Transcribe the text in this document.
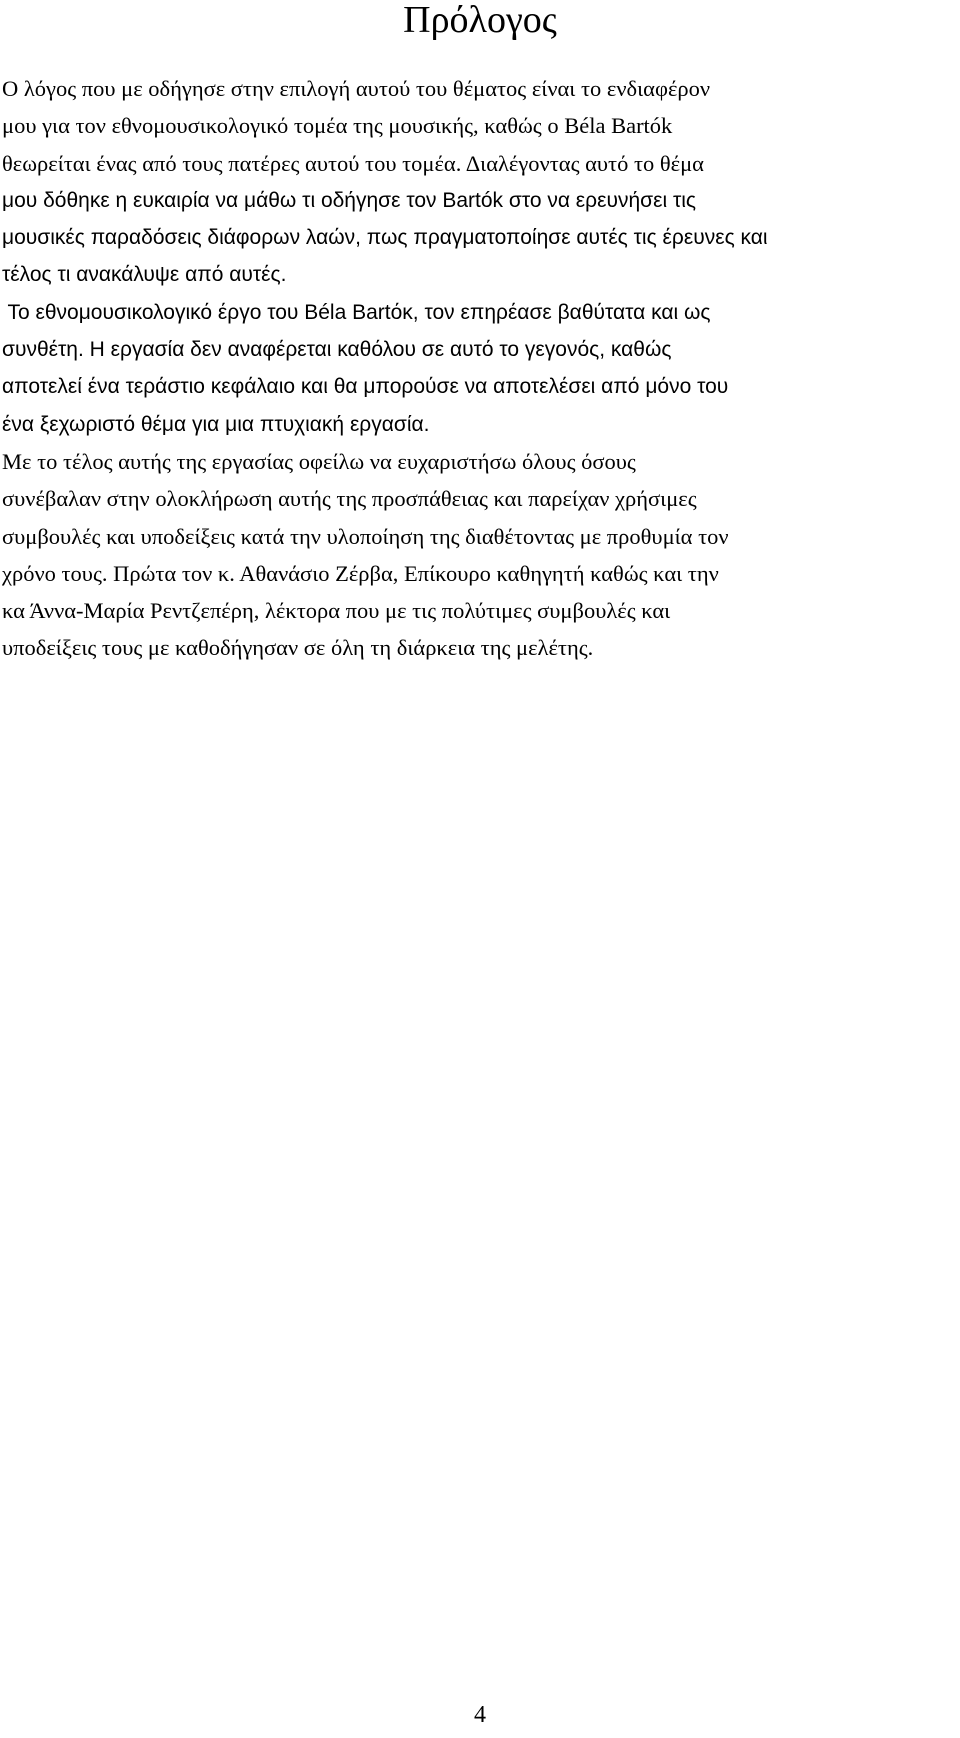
Πρόλογος

Ο λόγος που με οδήγησε στην επιλογή αυτού του θέματος είναι το ενδιαφέρον
μου για τον εθνομουσικολογικό τομέα της μουσικής, καθώς ο Béla Bartók
θεωρείται ένας από τους πατέρες αυτού του τομέα. Διαλέγοντας αυτό το θέμα
μου δόθηκε η ευκαιρία να μάθω τι οδήγησε τον Bartók στο να ερευνήσει τις
μουσικές παραδόσεις διάφορων λαών, πως πραγματοποίησε αυτές τις έρευνες και
τέλος τι ανακάλυψε από αυτές.

Το εθνομουσικολογικό έργο του Béla Bartόκ, τον επηρέασε βαθύτατα και ως
συνθέτη. Η εργασία δεν αναφέρεται καθόλου σε αυτό το γεγονός, καθώς
αποτελεί ένα τεράστιο κεφάλαιο και θα μπορούσε να αποτελέσει από μόνο του
ένα ξεχωριστό θέμα για μια πτυχιακή εργασία.

Με το τέλος αυτής της εργασίας οφείλω να ευχαριστήσω όλους όσους
συνέβαλαν στην ολοκλήρωση αυτής της προσπάθειας και παρείχαν χρήσιμες
συμβουλές και υποδείξεις κατά την υλοποίηση της διαθέτοντας με προθυμία τον
χρόνο τους. Πρώτα τον κ. Αθανάσιο Ζέρβα, Επίκουρο καθηγητή καθώς και την
κα Άννα-Μαρία Ρεντζεπέρη, λέκτορα που με τις πολύτιμες συμβουλές και
υποδείξεις τους με καθοδήγησαν σε όλη τη διάρκεια της μελέτης.

4
